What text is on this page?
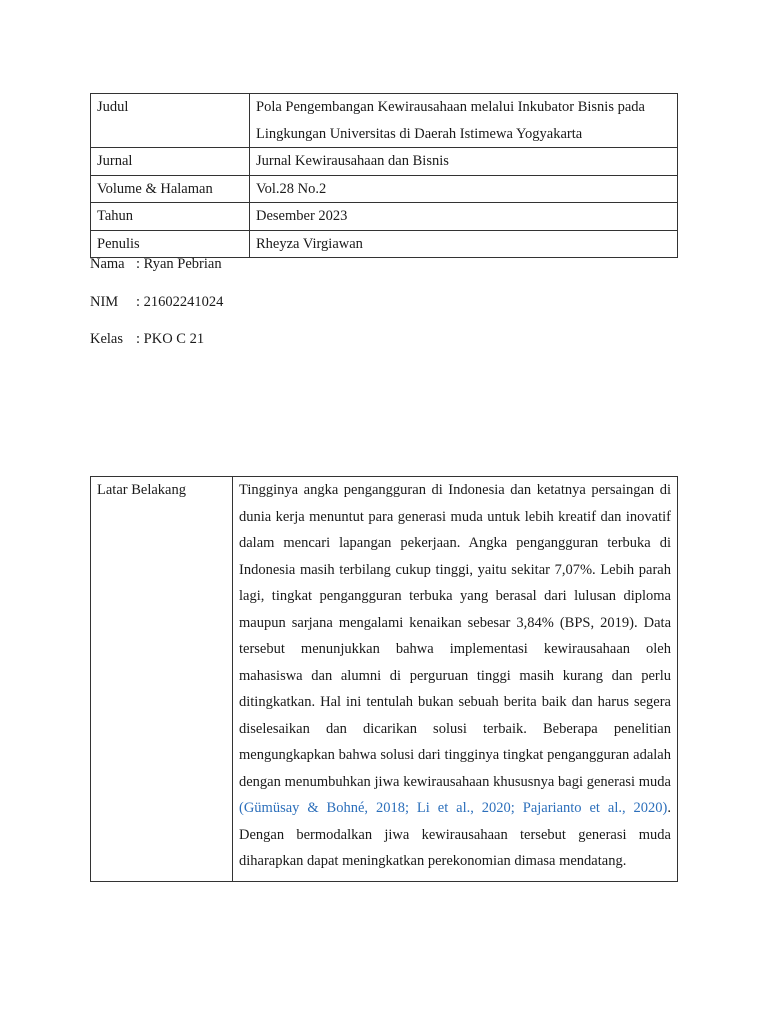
Judul	Pola Pengembangan Kewirausahaan melalui Inkubator Bisnis pada Lingkungan Universitas di Daerah Istimewa Yogyakarta
Jurnal	Jurnal Kewirausahaan dan Bisnis
Volume & Halaman	Vol.28 No.2
Tahun	Desember 2023
Penulis	Rheyza Virgiawan
Nama : Ryan Pebrian
NIM : 21602241024
Kelas : PKO C 21
Latar Belakang	Tingginya angka pengangguran di Indonesia dan ketatnya persaingan di dunia kerja menuntut para generasi muda untuk lebih kreatif dan inovatif dalam mencari lapangan pekerjaan. Angka pengangguran terbuka di Indonesia masih terbilang cukup tinggi, yaitu sekitar 7,07%. Lebih parah lagi, tingkat pengangguran terbuka yang berasal dari lulusan diploma maupun sarjana mengalami kenaikan sebesar 3,84% (BPS, 2019). Data tersebut menunjukkan bahwa implementasi kewirausahaan oleh mahasiswa dan alumni di perguruan tinggi masih kurang dan perlu ditingkatkan. Hal ini tentulah bukan sebuah berita baik dan harus segera diselesaikan dan dicarikan solusi terbaik. Beberapa penelitian mengungkapkan bahwa solusi dari tingginya tingkat pengangguran adalah dengan menumbuhkan jiwa kewirausahaan khususnya bagi generasi muda (Gümüsay & Bohné, 2018; Li et al., 2020; Pajarianto et al., 2020). Dengan bermodalkan jiwa kewirausahaan tersebut generasi muda diharapkan dapat meningkatkan perekonomian dimasa mendatang.
